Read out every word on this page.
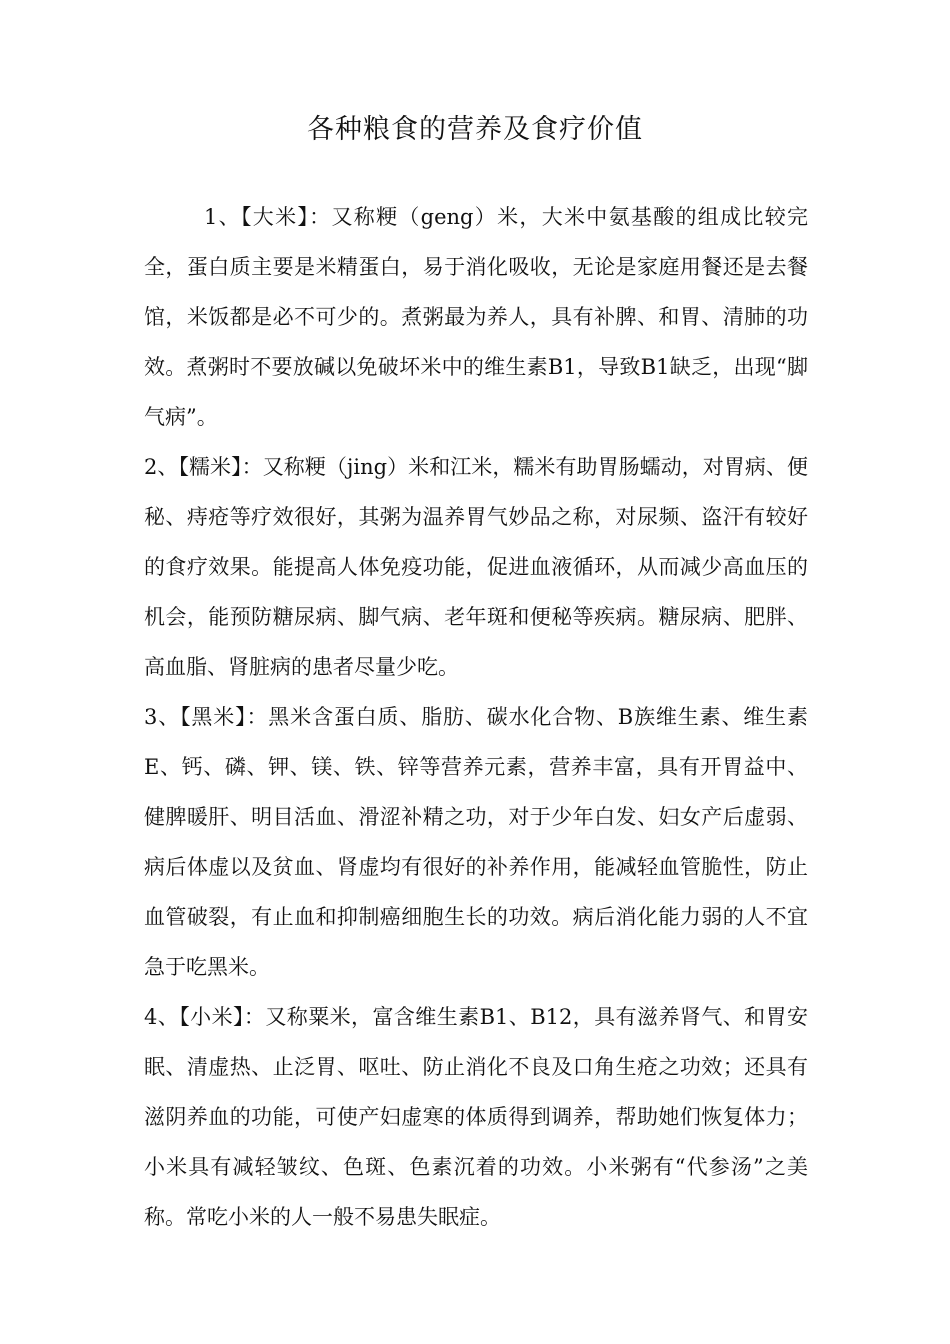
各种粮食的营养及食疗价值

1、【大米】：又称粳（geng）米，大米中氨基酸的组成比较完全，蛋白质主要是米精蛋白，易于消化吸收，无论是家庭用餐还是去餐馆，米饭都是必不可少的。煮粥最为养人，具有补脾、和胃、清肺的功效。煮粥时不要放碱以免破坏米中的维生素B1，导致B1缺乏，出现“脚气病”。

2、【糯米】：又称粳（jing）米和江米，糯米有助胃肠蠕动，对胃病、便秘、痔疮等疗效很好，其粥为温养胃气妙品之称，对尿频、盗汗有较好的食疗效果。能提高人体免疫功能，促进血液循环，从而减少高血压的机会，能预防糖尿病、脚气病、老年斑和便秘等疾病。糖尿病、肥胖、高血脂、肾脏病的患者尽量少吃。

3、【黑米】：黑米含蛋白质、脂肪、碳水化合物、B族维生素、维生素E、钙、磷、钾、镁、铁、锌等营养元素，营养丰富，具有开胃益中、健脾暖肝、明目活血、滑涩补精之功，对于少年白发、妇女产后虚弱、病后体虚以及贫血、肾虚均有很好的补养作用，能减轻血管脆性，防止血管破裂，有止血和抑制癌细胞生长的功效。病后消化能力弱的人不宜急于吃黑米。

4、【小米】：又称粟米，富含维生素B1、B12，具有滋养肾气、和胃安眠、清虚热、止泛胃、呕吐、防止消化不良及口角生疮之功效；还具有滋阴养血的功能，可使产妇虚寒的体质得到调养，帮助她们恢复体力；小米具有减轻皱纹、色斑、色素沉着的功效。小米粥有“代参汤”之美称。常吃小米的人一般不易患失眠症。
